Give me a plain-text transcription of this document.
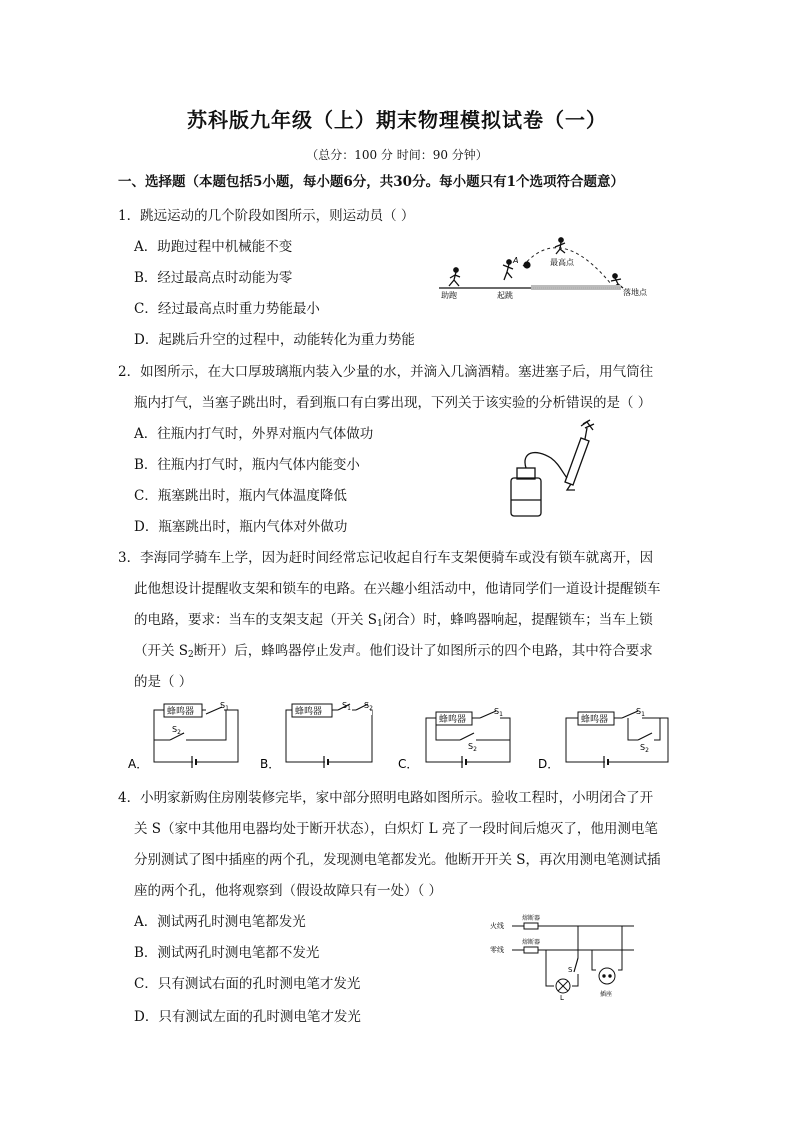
苏科版九年级（上）期末物理模拟试卷（一）
（总分：100 分 时间：90 分钟）
一、选择题（本题包括5小题，每小题6分，共30分。每小题只有1个选项符合题意）
1．跳远运动的几个阶段如图所示，则运动员（ ）
A．助跑过程中机械能不变
B．经过最高点时动能为零
C．经过最高点时重力势能最小
D．起跳后升空的过程中，动能转化为重力势能
A	最高点
助跑	起跳	落地点
2．如图所示，在大口厚玻璃瓶内装入少量的水，并滴入几滴酒精。塞进塞子后，用气筒往
瓶内打气，当塞子跳出时，看到瓶口有白雾出现，下列关于该实验的分析错误的是（ ）
A．往瓶内打气时，外界对瓶内气体做功
B．往瓶内打气时，瓶内气体内能变小
C．瓶塞跳出时，瓶内气体温度降低
D．瓶塞跳出时，瓶内气体对外做功
3．李海同学骑车上学，因为赶时间经常忘记收起自行车支架便骑车或没有锁车就离开，因
此他想设计提醒收支架和锁车的电路。在兴趣小组活动中，他请同学们一道设计提醒锁车
的电路，要求：当车的支架支起（开关 $S_1$闭合）时，蜂鸣器响起，提醒锁车；当车上锁
（开关 $S_2$断开）后，蜂鸣器停止发声。他们设计了如图所示的四个电路，其中符合要求
的是（ ）
A．
蜂鸣器
$S_1$
$S_2$
B．
蜂鸣器
$S_1$ $S_2$
C．
蜂鸣器
$S_1$
$S_2$
D．
蜂鸣器
$S_1$
$S_2$
4．小明家新购住房刚装修完毕，家中部分照明电路如图所示。验收工程时，小明闭合了开
关 S（家中其他用电器均处于断开状态），白炽灯 L 亮了一段时间后熄灭了，他用测电笔
分别测试了图中插座的两个孔，发现测电笔都发光。他断开开关 S，再次用测电笔测试插
座的两个孔，他将观察到（假设故障只有一处）（ ）
A．测试两孔时测电笔都发光
B．测试两孔时测电笔都不发光
C．只有测试右面的孔时测电笔才发光
D．只有测试左面的孔时测电笔才发光
火线
零线
熔断器
熔断器
S
L	插座
